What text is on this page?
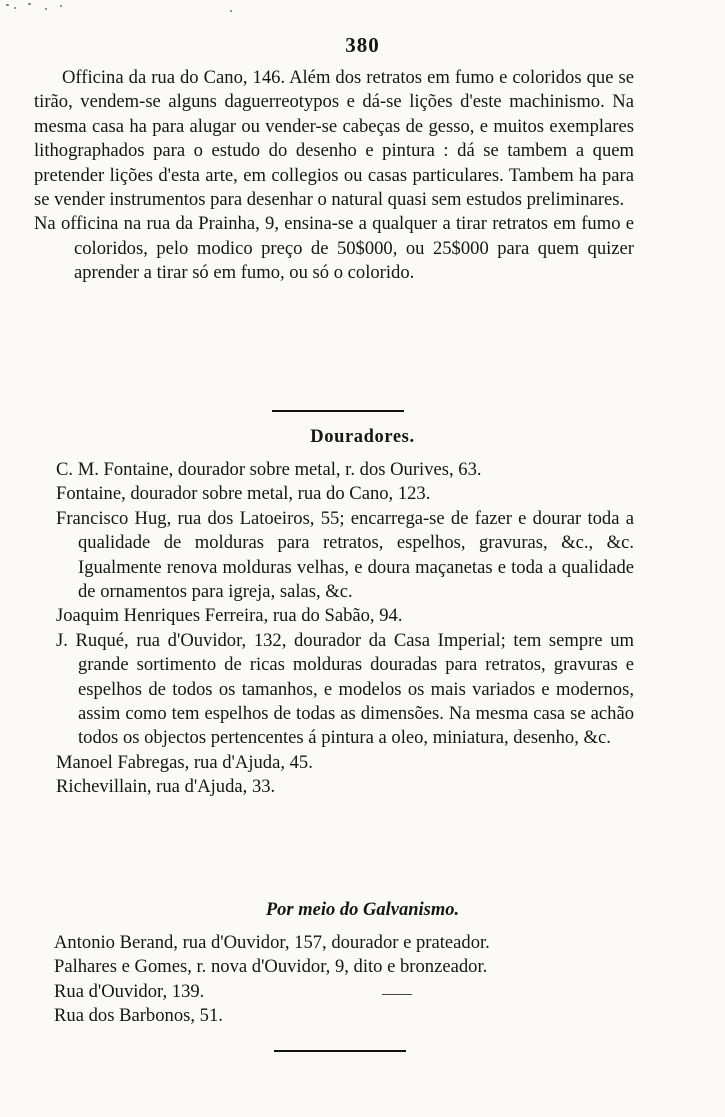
380

Officina da rua do Cano, 146. Além dos retratos em fumo e coloridos que se tirão, vendem-se alguns daguerreotypos e dá-se lições d'este machinismo. Na mesma casa ha para alugar ou vender-se cabeças de gesso, e muitos exemplares lithographados para o estudo do desenho e pintura : dá se tambem a quem pretender lições d'esta arte, em collegios ou casas particulares. Tambem ha para se vender instrumentos para desenhar o natural quasi sem estudos preliminares.

Na officina na rua da Prainha, 9, ensina-se a qualquer a tirar retratos em fumo e coloridos, pelo modico preço de 50$000, ou 25$000 para quem quizer aprender a tirar só em fumo, ou só o colorido.

Douradores.

C. M. Fontaine, dourador sobre metal, r. dos Ourives, 63.

Fontaine, dourador sobre metal, rua do Cano, 123.

Francisco Hug, rua dos Latoeiros, 55; encarrega-se de fazer e dourar toda a qualidade de molduras para retratos, espelhos, gravuras, &c., &c. Igualmente renova molduras velhas, e doura maçanetas e toda a qualidade de ornamentos para igreja, salas, &c.

Joaquim Henriques Ferreira, rua do Sabão, 94.

J. Ruqué, rua d'Ouvidor, 132, dourador da Casa Imperial; tem sempre um grande sortimento de ricas molduras douradas para retratos, gravuras e espelhos de todos os tamanhos, e modelos os mais variados e modernos, assim como tem espelhos de todas as dimensões. Na mesma casa se achão todos os objectos pertencentes á pintura a oleo, miniatura, desenho, &c.

Manoel Fabregas, rua d'Ajuda, 45.

Richevillain, rua d'Ajuda, 33.

Por meio do Galvanismo.

Antonio Berand, rua d'Ouvidor, 157, dourador e prateador.

Palhares e Gomes, r. nova d'Ouvidor, 9, dito e bronzeador.

Rua d'Ouvidor, 139.

Rua dos Barbonos, 51.
